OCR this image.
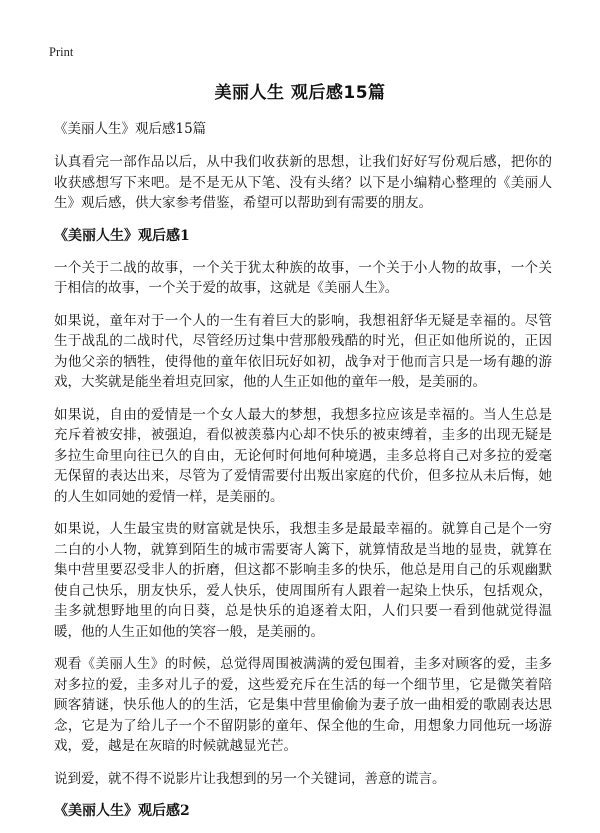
Print
美丽人生 观后感15篇

《美丽人生》观后感15篇

认真看完一部作品以后，从中我们收获新的思想，让我们好好写份观后感，把你的收获感想写下来吧。是不是无从下笔、没有头绪？以下是小编精心整理的《美丽人生》观后感，供大家参考借鉴，希望可以帮助到有需要的朋友。

《美丽人生》观后感1

一个关于二战的故事，一个关于犹太种族的故事，一个关于小人物的故事，一个关于相信的故事，一个关于爱的故事，这就是《美丽人生》。

如果说，童年对于一个人的一生有着巨大的影响，我想祖舒华无疑是幸福的。尽管生于战乱的二战时代，尽管经历过集中营那般残酷的时光，但正如他所说的，正因为他父亲的牺牲，使得他的童年依旧玩好如初，战争对于他而言只是一场有趣的游戏，大奖就是能坐着坦克回家，他的人生正如他的童年一般，是美丽的。

如果说，自由的爱情是一个女人最大的梦想，我想多拉应该是幸福的。当人生总是充斥着被安排，被强迫，看似被羡慕内心却不快乐的被束缚着，圭多的出现无疑是多拉生命里向往已久的自由，无论何时何地何种境遇，圭多总将自己对多拉的爱毫无保留的表达出来，尽管为了爱情需要付出叛出家庭的代价，但多拉从未后悔，她的人生如同她的爱情一样，是美丽的。

如果说，人生最宝贵的财富就是快乐，我想圭多是最最幸福的。就算自己是个一穷二白的小人物，就算到陌生的城市需要寄人篱下，就算情敌是当地的显贵，就算在集中营里要忍受非人的折磨，但这都不影响圭多的快乐，他总是用自己的乐观幽默使自己快乐，朋友快乐，爱人快乐，使周围所有人跟着一起染上快乐，包括观众，圭多就想野地里的向日葵，总是快乐的追逐着太阳，人们只要一看到他就觉得温暖，他的人生正如他的笑容一般，是美丽的。

观看《美丽人生》的时候，总觉得周围被满满的爱包围着，圭多对顾客的爱，圭多对多拉的爱，圭多对儿子的爱，这些爱充斥在生活的每一个细节里，它是微笑着陪顾客猜谜，快乐他人的的生活，它是集中营里偷偷为妻子放一曲相爱的歌剧表达思念，它是为了给儿子一个不留阴影的童年、保全他的生命，用想象力同他玩一场游戏，爱，越是在灰暗的时候就越显光芒。

说到爱，就不得不说影片让我想到的另一个关键词，善意的谎言。

《美丽人生》观后感2
